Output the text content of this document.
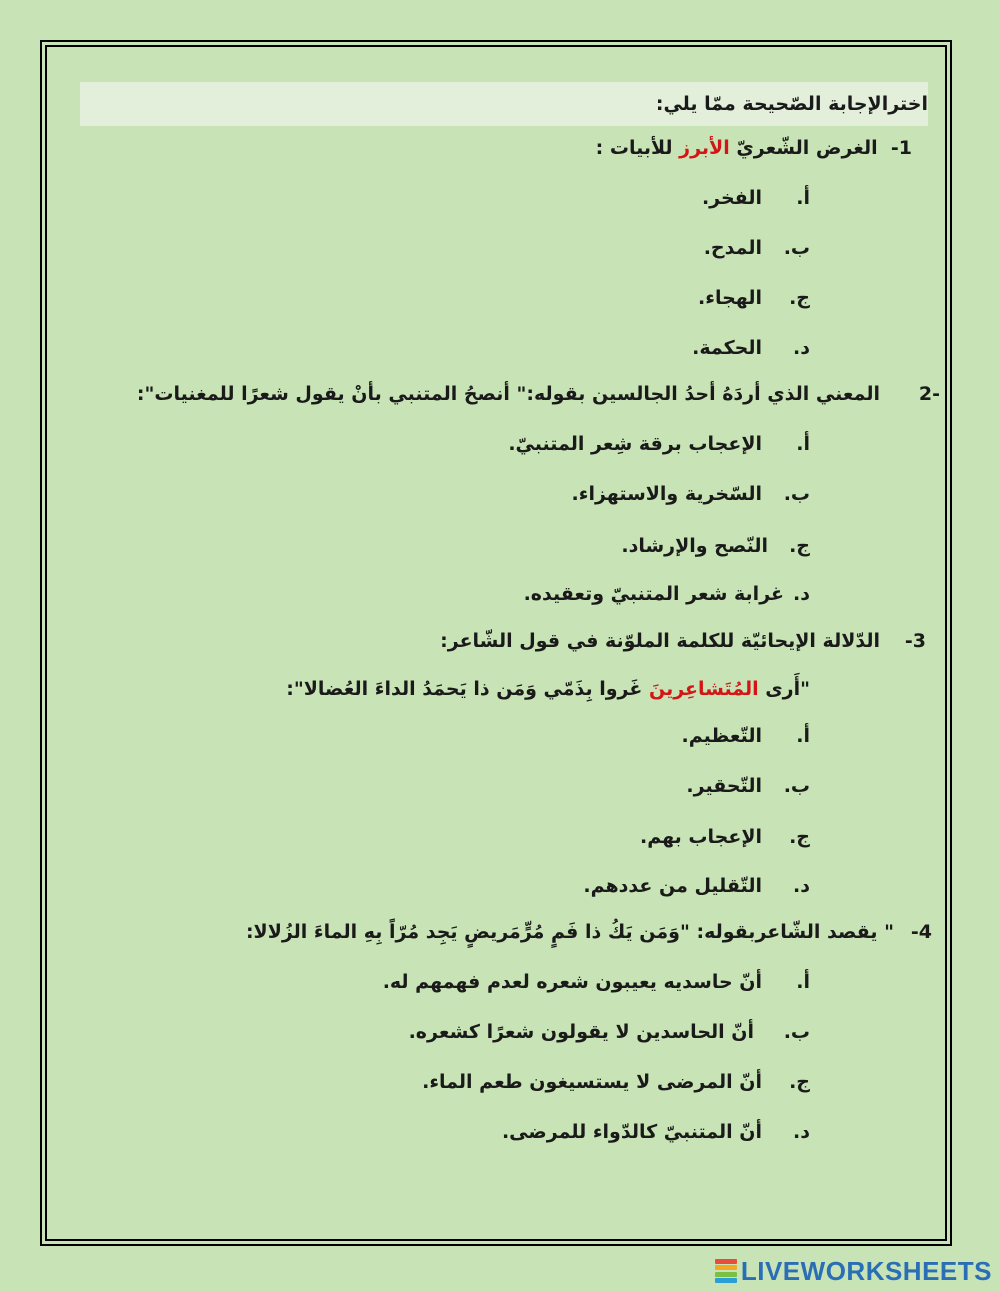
اخترالإجابة الصّحيحة ممّا يلي:
1-  الغرض الشّعريّ الأبرز للأبيات :
أ.
الفخر.
ب.
المدح.
ج.
الهجاء.
د.
الحكمة.
-2
المعني الذي أردَهُ أحدُ الجالسين بقوله:" أنصحُ المتنبي بأنْ يقول شعرًا للمغنيات":
أ.
الإعجاب برقة شِعر المتنبيّ.
ب.
السّخرية والاستهزاء.
ج.
النّصح والإرشاد.
د.
غرابة شعر المتنبيّ وتعقيده.
3-
الدّلالة الإيحائيّة للكلمة الملوّنة في قول الشّاعر:
"أَرى المُتَشاعِرينَ غَروا بِذَمّي وَمَن ذا يَحمَدُ الداءَ العُضالا":
أ.
التّعظيم.
ب.
التّحقير.
ج.
الإعجاب بهم.
د.
التّقليل من عددهم.
4-
" يقصد الشّاعربقوله: "وَمَن يَكُ ذا فَمٍ مُرٍّمَريضٍ يَجِد مُرّاً بِهِ الماءَ الزُلالا:
أ.
أنّ حاسديه يعيبون شعره لعدم فهمهم له.
ب.
أنّ الحاسدين لا يقولون شعرًا كشعره.
ج.
أنّ المرضى لا يستسيغون طعم الماء.
د.
أنّ المتنبيّ كالدّواء للمرضى.
LIVEWORKSHEETS
